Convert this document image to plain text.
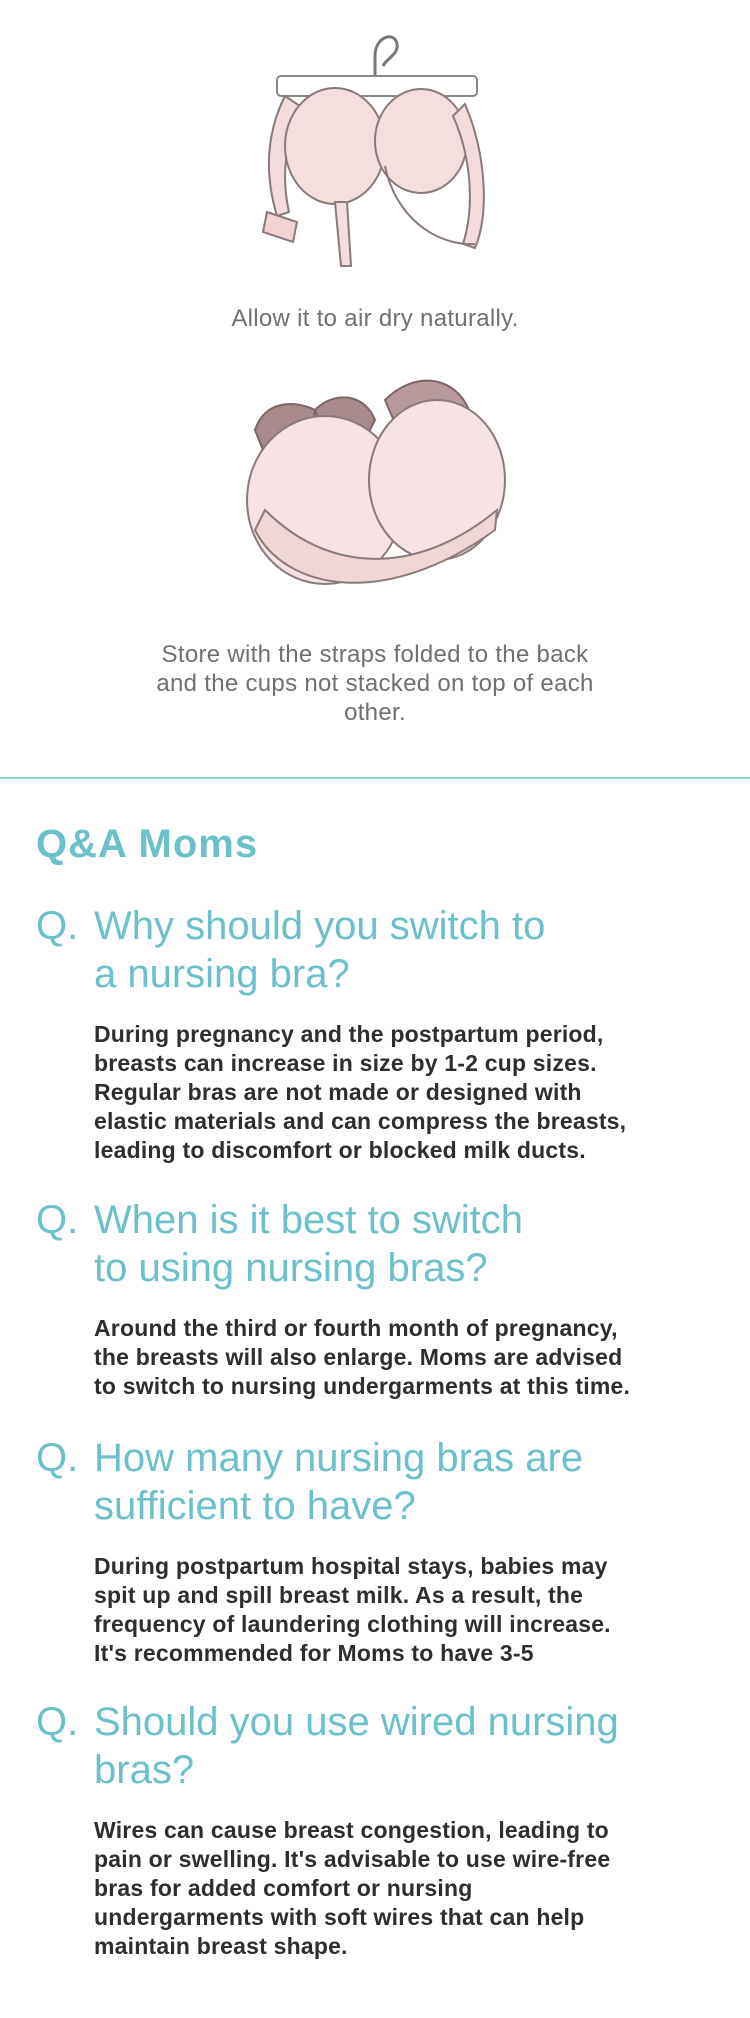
Allow it to air dry naturally.
Store with the straps folded to the back
and the cups not stacked on top of each
other.
Q&A Moms
Q. Why should you switch to
a nursing bra?
During pregnancy and the postpartum period,
breasts can increase in size by 1-2 cup sizes.
Regular bras are not made or designed with
elastic materials and can compress the breasts,
leading to discomfort or blocked milk ducts.
Q. When is it best to switch
to using nursing bras?
Around the third or fourth month of pregnancy,
the breasts will also enlarge. Moms are advised
to switch to nursing undergarments at this time.
Q. How many nursing bras are
sufficient to have?
During postpartum hospital stays, babies may
spit up and spill breast milk. As a result, the
frequency of laundering clothing will increase.
It's recommended for Moms to have 3-5
Q. Should you use wired nursing
bras?
Wires can cause breast congestion, leading to
pain or swelling. It's advisable to use wire-free
bras for added comfort or nursing
undergarments with soft wires that can help
maintain breast shape.
